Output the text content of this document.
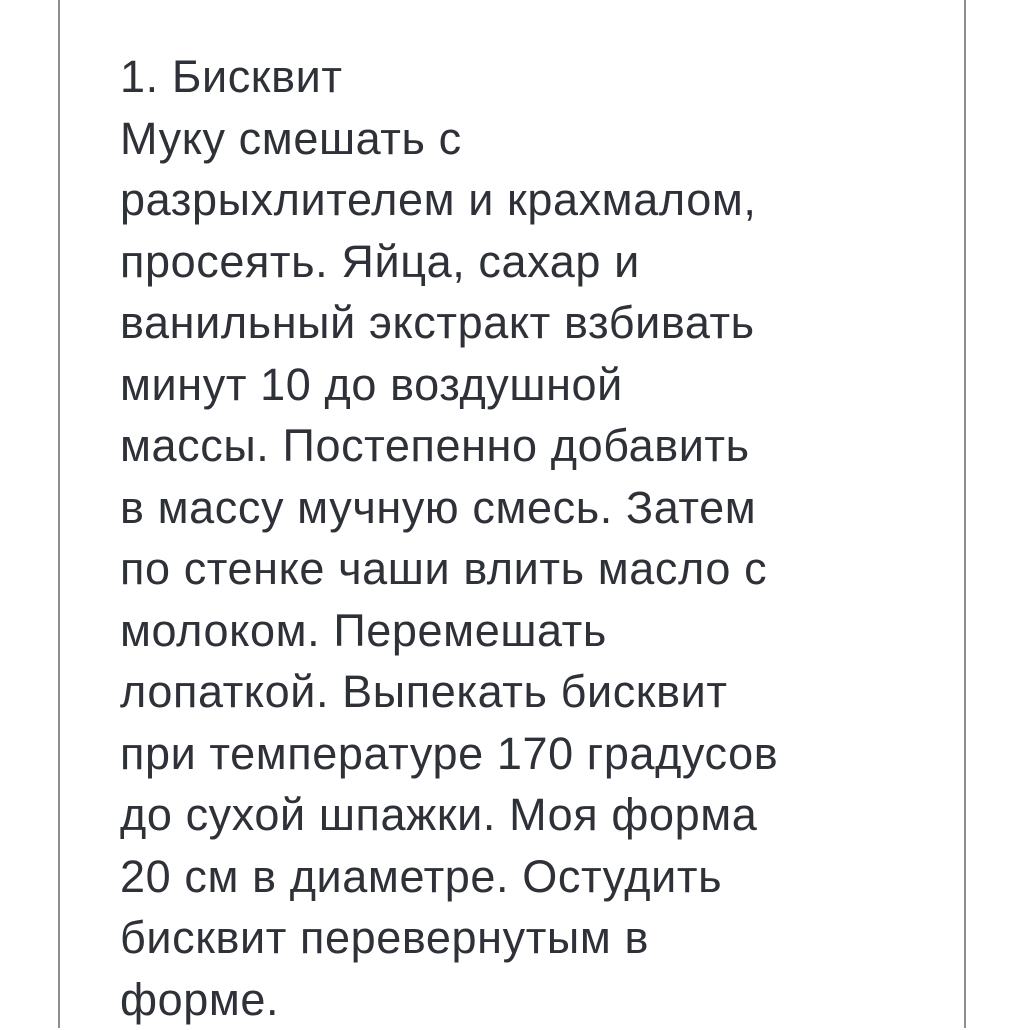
1. Бисквит

Муку смешать с

разрыхлителем и крахмалом,

просеять. Яйца, сахар и

ванильный экстракт взбивать

минут 10 до воздушной

массы. Постепенно добавить

в массу мучную смесь. Затем

по стенке чаши влить масло с

молоком. Перемешать

лопаткой. Выпекать бисквит

при температуре 170 градусов

до сухой шпажки. Моя форма

20 см в диаметре. Остудить

бисквит перевернутым в

форме.
